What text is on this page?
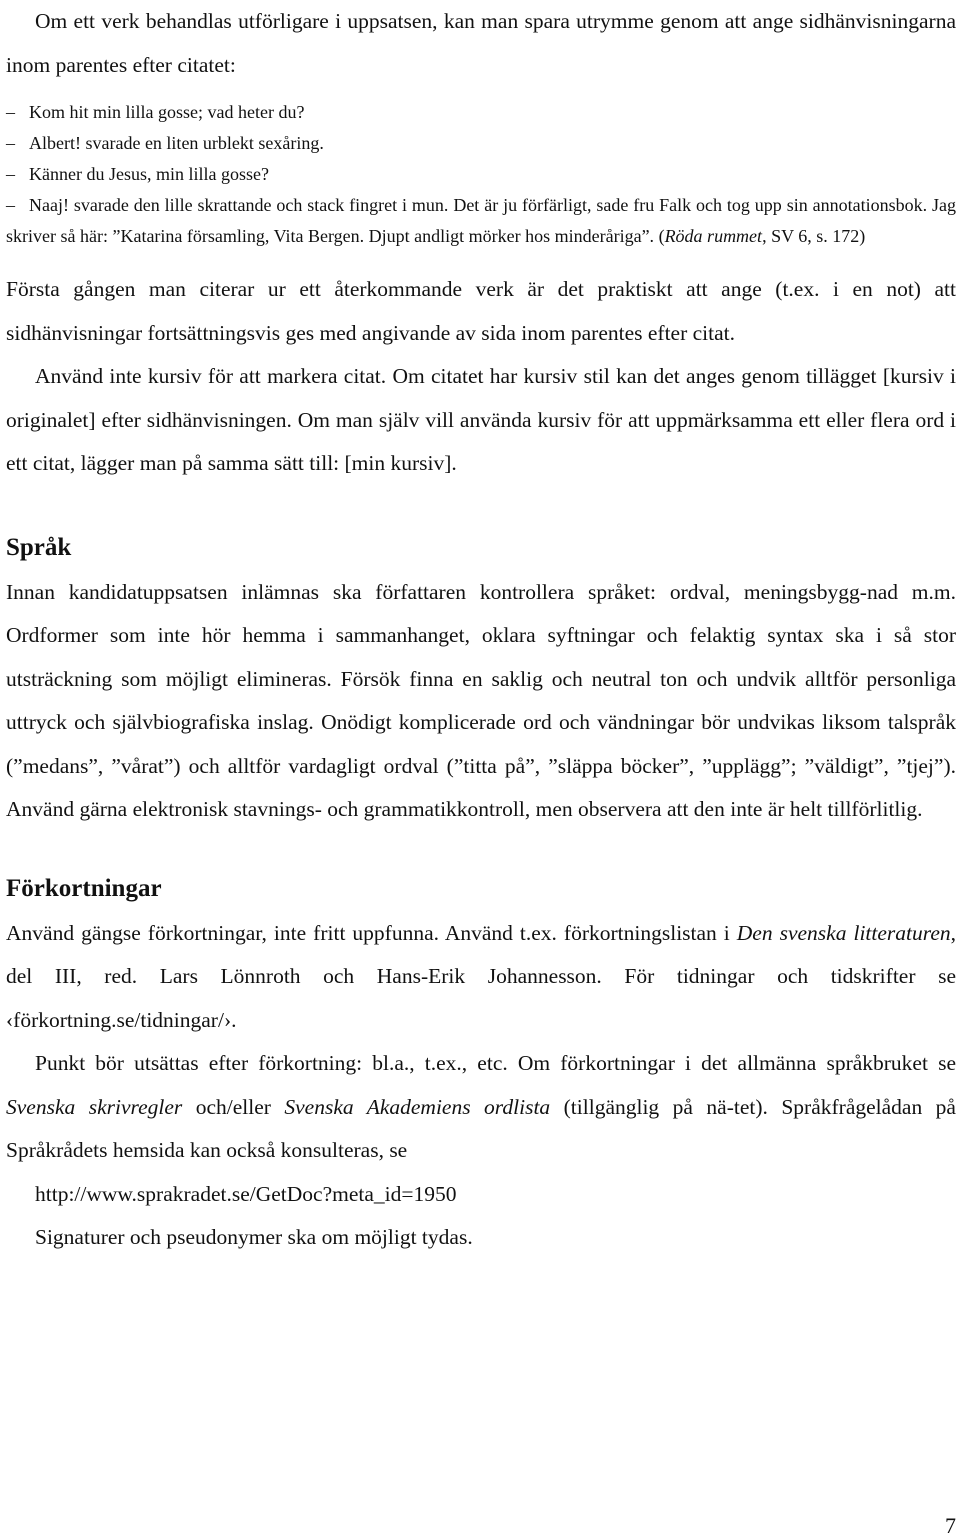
Om ett verk behandlas utförligare i uppsatsen, kan man spara utrymme genom att ange sidhänvisningarna inom parentes efter citatet:

– Kom hit min lilla gosse; vad heter du?
– Albert! svarade en liten urblekt sexåring.
– Känner du Jesus, min lilla gosse?
– Naaj! svarade den lille skrattande och stack fingret i mun. Det är ju förfärligt, sade fru Falk och tog upp sin annotationsbok. Jag skriver så här: ”Katarina församling, Vita Bergen. Djupt andligt mörker hos minderåriga”. (Röda rummet, SV 6, s. 172)

Första gången man citerar ur ett återkommande verk är det praktiskt att ange (t.ex. i en not) att sidhänvisningar fortsättningsvis ges med angivande av sida inom parentes efter citat.

Använd inte kursiv för att markera citat. Om citatet har kursiv stil kan det anges genom tillägget [kursiv i originalet] efter sidhänvisningen. Om man själv vill använda kursiv för att uppmärksamma ett eller flera ord i ett citat, lägger man på samma sätt till: [min kursiv].

Språk

Innan kandidatuppsatsen inlämnas ska författaren kontrollera språket: ordval, meningsbygg-nad m.m. Ordformer som inte hör hemma i sammanhanget, oklara syftningar och felaktig syntax ska i så stor utsträckning som möjligt elimineras. Försök finna en saklig och neutral ton och undvik alltför personliga uttryck och självbiografiska inslag. Onödigt komplicerade ord och vändningar bör undvikas liksom talspråk (”medans”, ”vårat”) och alltför vardagligt ordval (”titta på”, ”släppa böcker”, ”upplägg”; ”väldigt”, ”tjej”). Använd gärna elektronisk stavnings- och grammatikkontroll, men observera att den inte är helt tillförlitlig.

Förkortningar

Använd gängse förkortningar, inte fritt uppfunna. Använd t.ex. förkortningslistan i Den svenska litteraturen, del III, red. Lars Lönnroth och Hans-Erik Johannesson. För tidningar och tidskrifter se ‹förkortning.se/tidningar/›.

Punkt bör utsättas efter förkortning: bl.a., t.ex., etc. Om förkortningar i det allmänna språkbruket se Svenska skrivregler och/eller Svenska Akademiens ordlista (tillgänglig på nä-tet). Språkfrågelådan på Språkrådets hemsida kan också konsulteras, se

http://www.sprakradet.se/GetDoc?meta_id=1950

Signaturer och pseudonymer ska om möjligt tydas.

7
